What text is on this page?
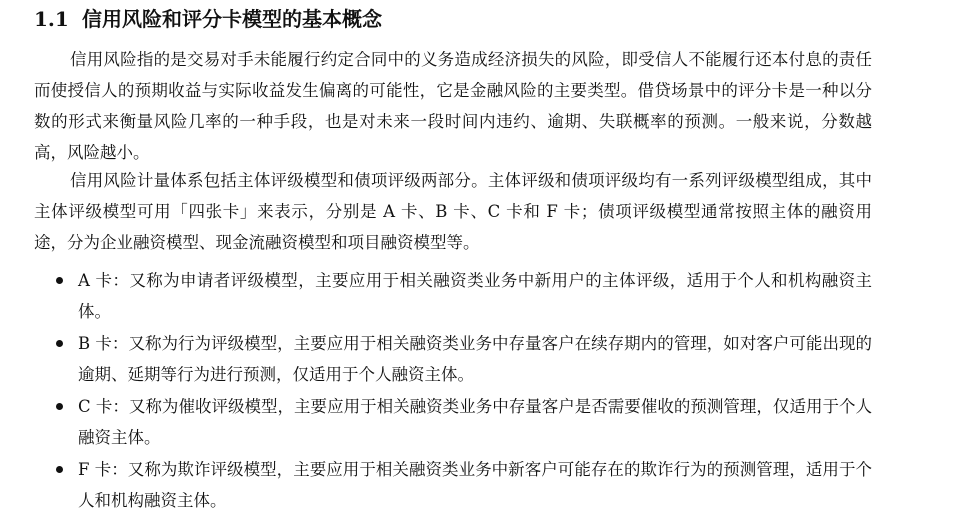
1.1 信用风险和评分卡模型的基本概念

信用风险指的是交易对手未能履行约定合同中的义务造成经济损失的风险，即受信人不能履行还本付息的责任而使授信人的预期收益与实际收益发生偏离的可能性，它是金融风险的主要类型。借贷场景中的评分卡是一种以分数的形式来衡量风险几率的一种手段，也是对未来一段时间内违约、逾期、失联概率的预测。一般来说，分数越高，风险越小。

信用风险计量体系包括主体评级模型和债项评级两部分。主体评级和债项评级均有一系列评级模型组成，其中主体评级模型可用「四张卡」来表示，分别是 A 卡、B 卡、C 卡和 F 卡；债项评级模型通常按照主体的融资用途，分为企业融资模型、现金流融资模型和项目融资模型等。

A 卡：又称为申请者评级模型，主要应用于相关融资类业务中新用户的主体评级，适用于个人和机构融资主体。
B 卡：又称为行为评级模型，主要应用于相关融资类业务中存量客户在续存期内的管理，如对客户可能出现的逾期、延期等行为进行预测，仅适用于个人融资主体。
C 卡：又称为催收评级模型，主要应用于相关融资类业务中存量客户是否需要催收的预测管理，仅适用于个人融资主体。
F 卡：又称为欺诈评级模型，主要应用于相关融资类业务中新客户可能存在的欺诈行为的预测管理，适用于个人和机构融资主体。
